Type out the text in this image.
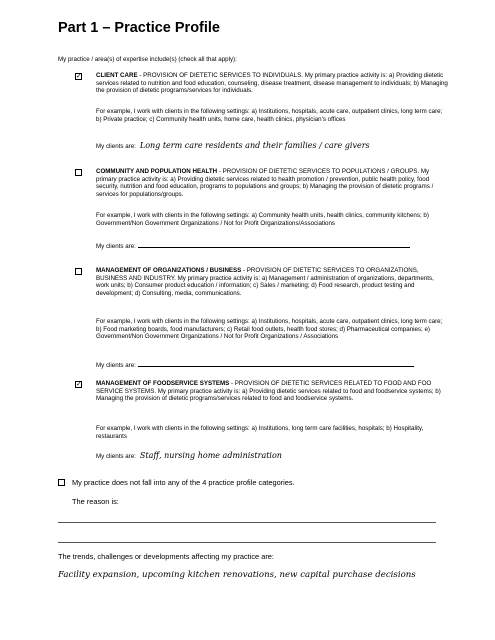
Part 1 – Practice Profile
My practice / area(s) of expertise include(s) (check all that apply):
✓ CLIENT CARE - PROVISION OF DIETETIC SERVICES TO INDIVIDUALS. My primary practice activity is: a) Providing dietetic services related to nutrition and food education, counseling, disease treatment, disease management to individuals; b) Managing the provision of dietetic programs/services for individuals.
For example, I work with clients in the following settings: a) Institutions, hospitals, acute care, outpatient clinics, long term care; b) Private practice; c) Community health units, home care, health clinics, physician’s offices
My clients are: Long term care residents and their families / care givers
COMMUNITY AND POPULATION HEALTH - PROVISION OF DIETETIC SERVICES TO POPULATIONS / GROUPS. My primary practice activity is: a) Providing dietetic services related to health promotion / prevention, public health policy, food security, nutrition and food education, programs to populations and groups; b) Managing the provision of dietetic programs / services for populations/groups.
For example, I work with clients in the following settings: a) Community health units, health clinics, community kitchens; b) Government/Non Government Organizations / Not for Profit Organizations/Associations
My clients are:
MANAGEMENT OF ORGANIZATIONS / BUSINESS - PROVISION OF DIETETIC SERVICES TO ORGANIZATIONS, BUSINESS AND INDUSTRY. My primary practice activity is: a) Management / administration of organizations, departments, work units; b) Consumer product education / information; c) Sales / marketing; d) Food research, product testing and development; d) Consulting, media, communications.
For example, I work with clients in the following settings: a) Institutions, hospitals, acute care, outpatient clinics, long term care; b) Food marketing boards, food manufacturers; c) Retail food outlets, health food stores; d) Pharmaceutical companies; e) Government/Non Government Organizations / Not for Profit Organizations / Associations
My clients are:
✓ MANAGEMENT OF FOODSERVICE SYSTEMS - PROVISION OF DIETETIC SERVICES RELATED TO FOOD AND FOO SERVICE SYSTEMS. My primary practice activity is: a) Providing dietetic services related to food and foodservice systems; b) Managing the provision of dietetic programs/services related to food and foodservice systems.
For example, I work with clients in the following settings: a) Institutions, long term care facilities, hospitals; b) Hospitality, restaurants
My clients are: Staff, nursing home administration
My practice does not fall into any of the 4 practice profile categories.
The reason is:
The trends, challenges or developments affecting my practice are:
Facility expansion, upcoming kitchen renovations, new capital purchase decisions
